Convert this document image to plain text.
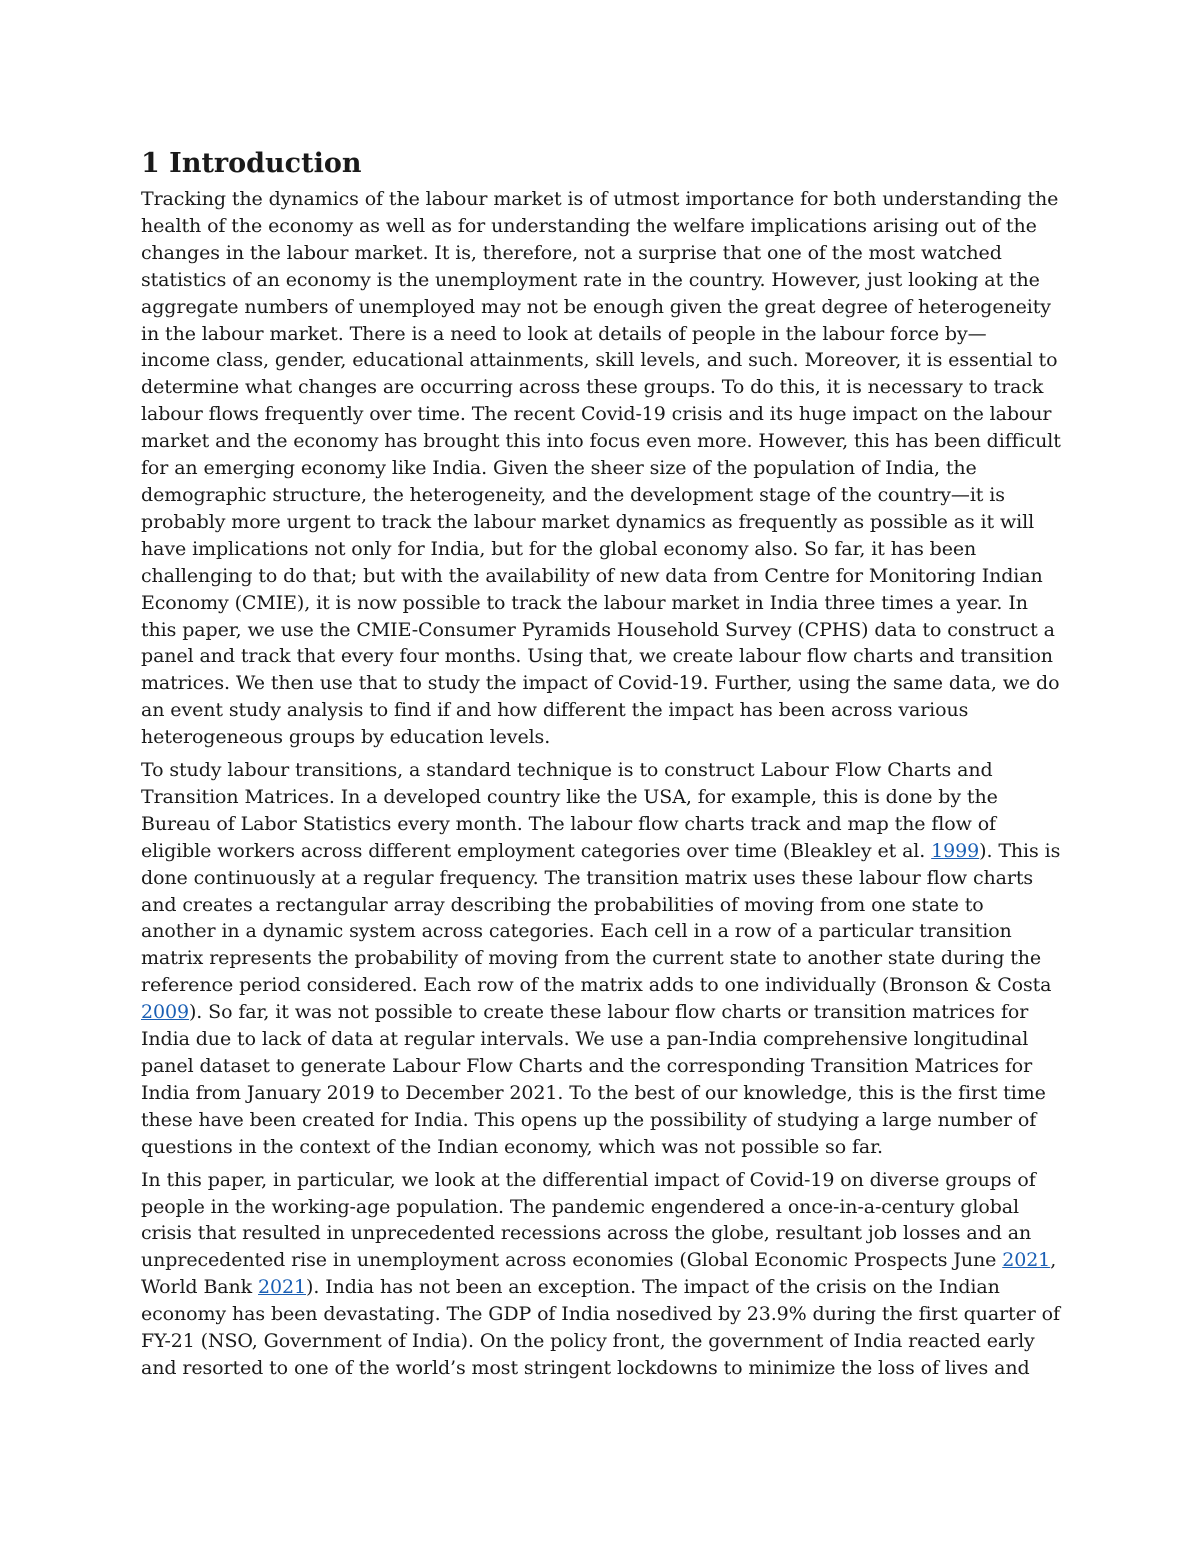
1 Introduction

Tracking the dynamics of the labour market is of utmost importance for both understanding the health of the economy as well as for understanding the welfare implications arising out of the changes in the labour market. It is, therefore, not a surprise that one of the most watched statistics of an economy is the unemployment rate in the country. However, just looking at the aggregate numbers of unemployed may not be enough given the great degree of heterogeneity in the labour market. There is a need to look at details of people in the labour force by— income class, gender, educational attainments, skill levels, and such. Moreover, it is essential to determine what changes are occurring across these groups. To do this, it is necessary to track labour flows frequently over time. The recent Covid-19 crisis and its huge impact on the labour market and the economy has brought this into focus even more. However, this has been difficult for an emerging economy like India. Given the sheer size of the population of India, the demographic structure, the heterogeneity, and the development stage of the country—it is probably more urgent to track the labour market dynamics as frequently as possible as it will have implications not only for India, but for the global economy also. So far, it has been challenging to do that; but with the availability of new data from Centre for Monitoring Indian Economy (CMIE), it is now possible to track the labour market in India three times a year. In this paper, we use the CMIE-Consumer Pyramids Household Survey (CPHS) data to construct a panel and track that every four months. Using that, we create labour flow charts and transition matrices. We then use that to study the impact of Covid-19. Further, using the same data, we do an event study analysis to find if and how different the impact has been across various heterogeneous groups by education levels.

To study labour transitions, a standard technique is to construct Labour Flow Charts and Transition Matrices. In a developed country like the USA, for example, this is done by the Bureau of Labor Statistics every month. The labour flow charts track and map the flow of eligible workers across different employment categories over time (Bleakley et al. 1999). This is done continuously at a regular frequency. The transition matrix uses these labour flow charts and creates a rectangular array describing the probabilities of moving from one state to another in a dynamic system across categories. Each cell in a row of a particular transition matrix represents the probability of moving from the current state to another state during the reference period considered. Each row of the matrix adds to one individually (Bronson & Costa 2009). So far, it was not possible to create these labour flow charts or transition matrices for India due to lack of data at regular intervals. We use a pan-India comprehensive longitudinal panel dataset to generate Labour Flow Charts and the corresponding Transition Matrices for India from January 2019 to December 2021. To the best of our knowledge, this is the first time these have been created for India. This opens up the possibility of studying a large number of questions in the context of the Indian economy, which was not possible so far.

In this paper, in particular, we look at the differential impact of Covid-19 on diverse groups of people in the working-age population. The pandemic engendered a once-in-a-century global crisis that resulted in unprecedented recessions across the globe, resultant job losses and an unprecedented rise in unemployment across economies (Global Economic Prospects June 2021, World Bank 2021). India has not been an exception. The impact of the crisis on the Indian economy has been devastating. The GDP of India nosedived by 23.9% during the first quarter of FY-21 (NSO, Government of India). On the policy front, the government of India reacted early and resorted to one of the world’s most stringent lockdowns to minimize the loss of lives and
